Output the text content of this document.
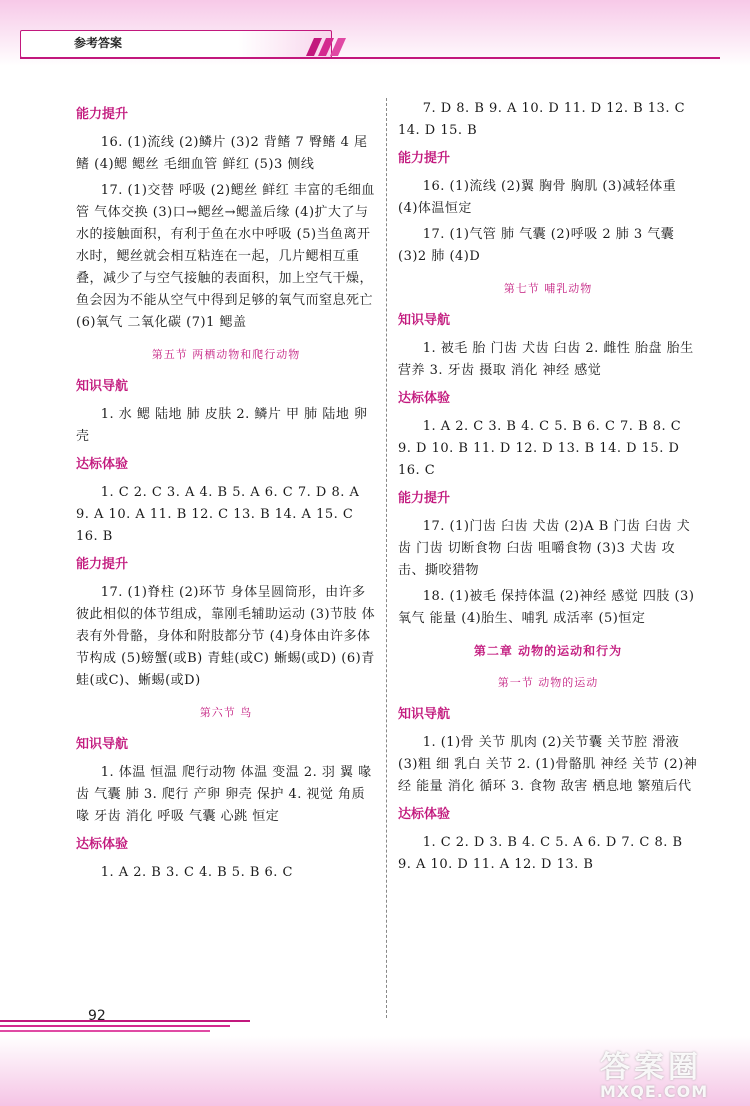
参考答案
能力提升
16. (1)流线 (2)鳞片 (3)2 背鳍 7 臀鳍 4 尾鳍 (4)鳃 鳃丝 毛细血管 鲜红 (5)3 侧线
17. (1)交替 呼吸 (2)鳃丝 鲜红 丰富的毛细血管 气体交换 (3)口→鳃丝→鳃盖后缘 (4)扩大了与水的接触面积，有利于鱼在水中呼吸 (5)当鱼离开水时，鳃丝就会相互粘连在一起，几片鳃相互重叠，减少了与空气接触的表面积，加上空气干燥，鱼会因为不能从空气中得到足够的氧气而窒息死亡 (6)氧气 二氧化碳 (7)1 鳃盖
第五节 两栖动物和爬行动物
知识导航
1. 水 鳃 陆地 肺 皮肤 2. 鳞片 甲 肺 陆地 卵壳
达标体验
1. C 2. C 3. A 4. B 5. A 6. C 7. D 8. A 9. A 10. A 11. B 12. C 13. B 14. A 15. C 16. B
能力提升
17. (1)脊柱 (2)环节 身体呈圆筒形，由许多彼此相似的体节组成，靠刚毛辅助运动 (3)节肢 体表有外骨骼，身体和附肢都分节 (4)身体由许多体节构成 (5)螃蟹(或B) 青蛙(或C) 蜥蜴(或D) (6)青蛙(或C)、蜥蜴(或D)
第六节 鸟
知识导航
1. 体温 恒温 爬行动物 体温 变温 2. 羽 翼 喙 齿 气囊 肺 3. 爬行 产卵 卵壳 保护 4. 视觉 角质喙 牙齿 消化 呼吸 气囊 心跳 恒定
达标体验
1. A 2. B 3. C 4. B 5. B 6. C
7. D 8. B 9. A 10. D 11. D 12. B 13. C 14. D 15. B
能力提升
16. (1)流线 (2)翼 胸骨 胸肌 (3)减轻体重 (4)体温恒定
17. (1)气管 肺 气囊 (2)呼吸 2 肺 3 气囊 (3)2 肺 (4)D
第七节 哺乳动物
知识导航
1. 被毛 胎 门齿 犬齿 臼齿 2. 雌性 胎盘 胎生 营养 3. 牙齿 摄取 消化 神经 感觉
达标体验
1. A 2. C 3. B 4. C 5. B 6. C 7. B 8. C 9. D 10. B 11. D 12. D 13. B 14. D 15. D 16. C
能力提升
17. (1)门齿 臼齿 犬齿 (2)A B 门齿 臼齿 犬齿 门齿 切断食物 臼齿 咀嚼食物 (3)3 犬齿 攻击、撕咬猎物
18. (1)被毛 保持体温 (2)神经 感觉 四肢 (3)氧气 能量 (4)胎生、哺乳 成活率 (5)恒定
第二章 动物的运动和行为
第一节 动物的运动
知识导航
1. (1)骨 关节 肌肉 (2)关节囊 关节腔 滑液 (3)粗 细 乳白 关节 2. (1)骨骼肌 神经 关节 (2)神经 能量 消化 循环 3. 食物 敌害 栖息地 繁殖后代
达标体验
1. C 2. D 3. B 4. C 5. A 6. D 7. C 8. B 9. A 10. D 11. A 12. D 13. B
92
答案圈
MXQE.COM
